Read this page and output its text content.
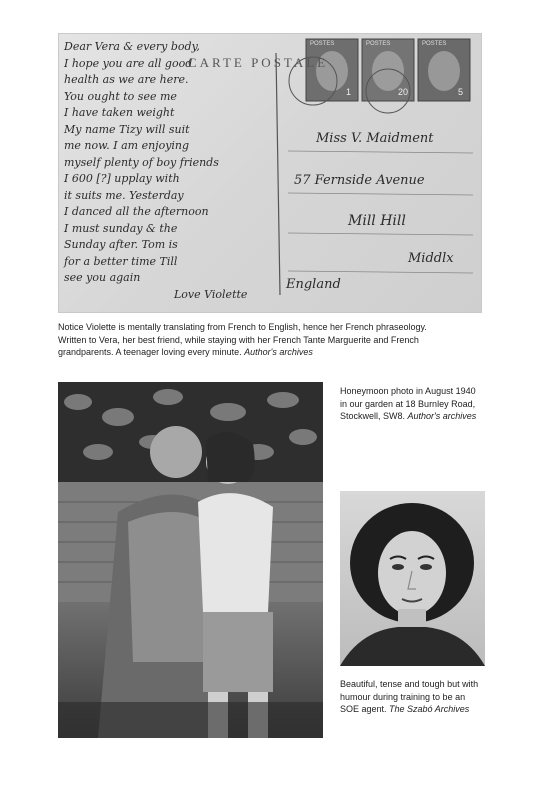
CARTE POSTALE
Dear Vera & every body,
I hope you are all good
health as we are here.
You ought to see me
I have taken weight
My name Tizy will suit
me now. I am enjoying
myself plenty of boy friends
I 600 [?] upplay with
it suits me. Yesterday
I danced all the afternoon
I must sunday & the
Sunday after. Tom is
for a better time Till
see you again
Love Violette
Miss V. Maidment
57 Fernside Avenue
Mill Hill
Middlx
England
POSTES	POSTES	POSTES
1	20	5
Notice Violette is mentally translating from French to English, hence her French phraseology.
Written to Vera, her best friend, while staying with her French Tante Marguerite and French
grandparents. A teenager loving every minute. Author's archives
Honeymoon photo in August 1940 in our garden at 18 Burnley Road, Stockwell, SW8. Author's archives
Beautiful, tense and tough but with humour during training to be an SOE agent. The Szabó Archives
